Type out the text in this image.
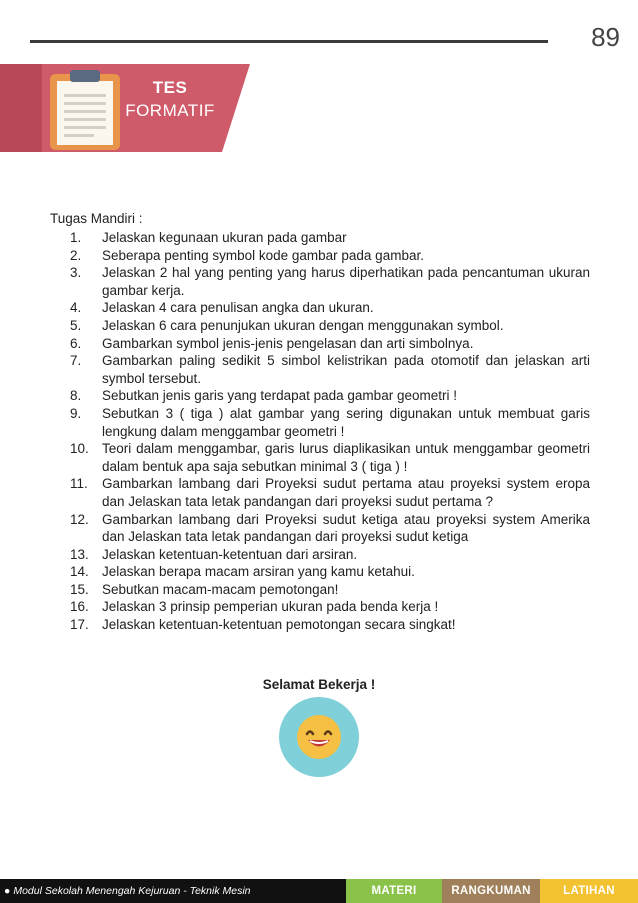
89
TES
FORMATIF
Tugas Mandiri :
1.	Jelaskan kegunaan ukuran pada gambar
2.	Seberapa penting symbol kode gambar pada gambar.
3.	Jelaskan 2 hal yang penting yang harus diperhatikan pada pencantuman ukuran gambar kerja.
4.	Jelaskan 4 cara penulisan angka dan ukuran.
5.	Jelaskan 6 cara penunjukan ukuran dengan menggunakan symbol.
6.	Gambarkan symbol jenis-jenis pengelasan dan arti simbolnya.
7.	Gambarkan paling sedikit 5 simbol kelistrikan pada otomotif dan jelaskan arti symbol tersebut.
8.	Sebutkan jenis garis yang terdapat pada gambar geometri !
9.	Sebutkan 3 ( tiga ) alat gambar yang sering digunakan untuk membuat garis lengkung dalam menggambar geometri !
10. Teori dalam menggambar, garis lurus diaplikasikan untuk menggambar geometri dalam bentuk apa saja sebutkan minimal 3 ( tiga ) !
11.	Gambarkan lambang dari Proyeksi sudut pertama atau proyeksi system eropa dan Jelaskan tata letak pandangan dari proyeksi sudut pertama ?
12. Gambarkan lambang dari Proyeksi sudut ketiga atau proyeksi system Amerika dan Jelaskan tata letak pandangan dari proyeksi sudut ketiga
13. Jelaskan ketentuan-ketentuan dari arsiran.
14. Jelaskan berapa macam arsiran yang kamu ketahui.
15. Sebutkan macam-macam pemotongan!
16. Jelaskan 3 prinsip pemperian ukuran pada benda kerja !
17. Jelaskan ketentuan-ketentuan pemotongan secara singkat!
Selamat Bekerja !
● Modul Sekolah Menengah Kejuruan - Teknik Mesin	MATERI	RANGKUMAN	LATIHAN
